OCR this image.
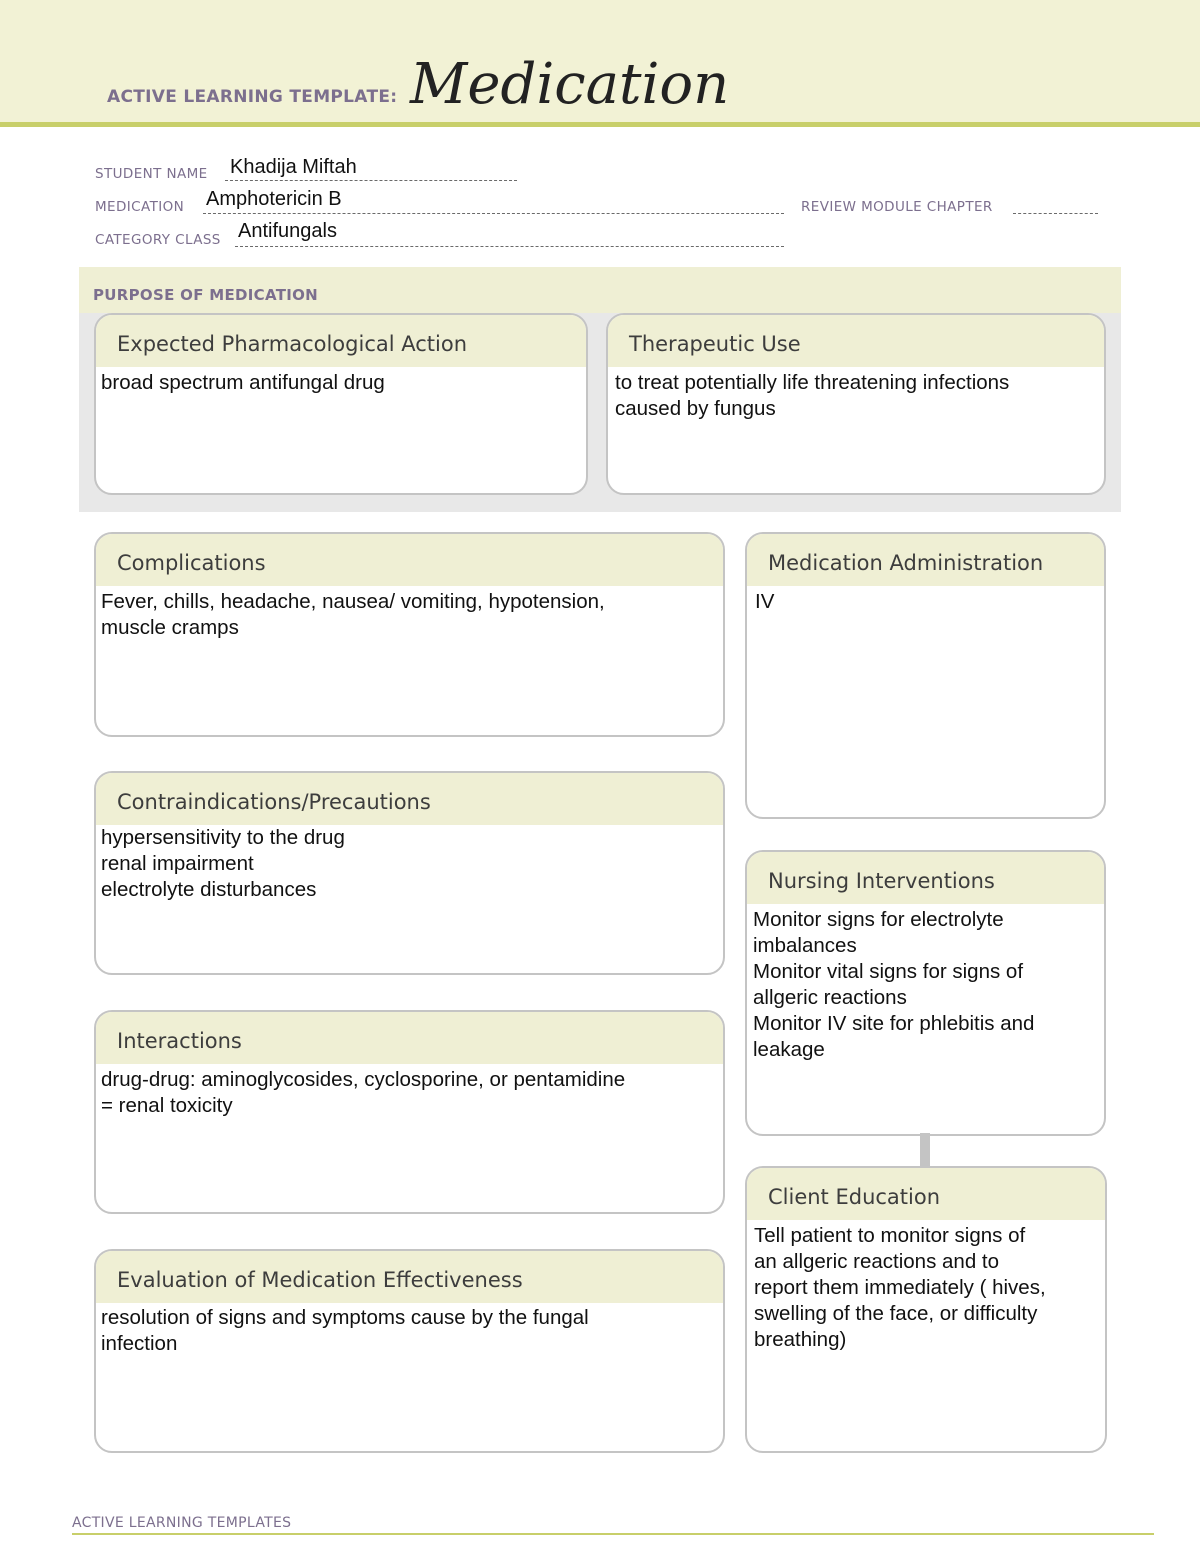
ACTIVE LEARNING TEMPLATE: Medication
STUDENT NAME Khadija Miftah
MEDICATION Amphotericin B	REVIEW MODULE CHAPTER
CATEGORY CLASS Antifungals
PURPOSE OF MEDICATION
Expected Pharmacological Action
broad spectrum antifungal drug
Therapeutic Use
to treat potentially life threatening infections
caused by fungus
Complications
Fever, chills, headache, nausea/ vomiting, hypotension,
muscle cramps
Contraindications/Precautions
hypersensitivity to the drug
renal impairment
electrolyte disturbances
Interactions
drug-drug: aminoglycosides, cyclosporine, or pentamidine
= renal toxicity
Evaluation of Medication Effectiveness
resolution of signs and symptoms cause by the fungal
infection
Medication Administration
IV
Nursing Interventions
Monitor signs for electrolyte
imbalances
Monitor vital signs for signs of
allgeric reactions
Monitor IV site for phlebitis and
leakage
Client Education
Tell patient to monitor signs of
an allgeric reactions and to
report them immediately ( hives,
swelling of the face, or difficulty
breathing)
ACTIVE LEARNING TEMPLATES
